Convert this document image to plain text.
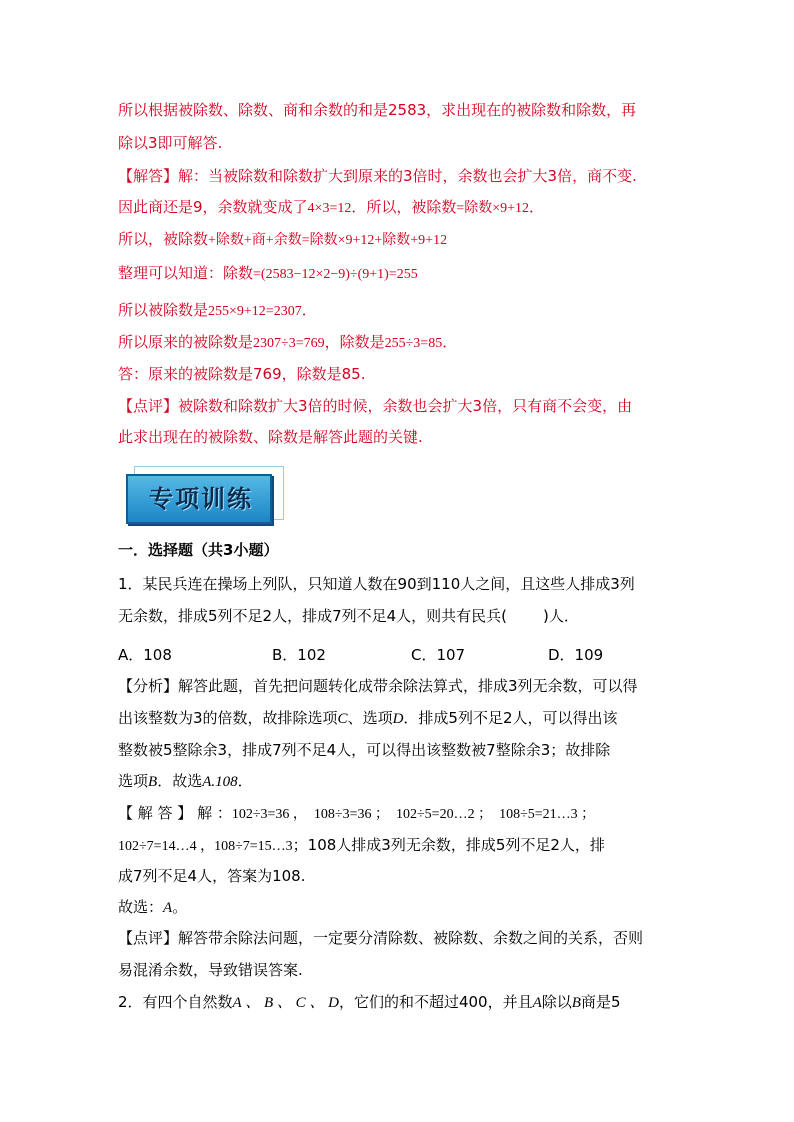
所以根据被除数、除数、商和余数的和是2583，求出现在的被除数和除数，再
除以3即可解答.
【解答】解：当被除数和除数扩大到原来的3倍时，余数也会扩大3倍，商不变.
因此商还是9，余数就变成了4×3=12．所以，被除数=除数×9+12．
所以，被除数+除数+商+余数=除数×9+12+除数+9+12
整理可以知道：除数=(2583−12×2−9)÷(9+1)=255
所以被除数是255×9+12=2307．
所以原来的被除数是2307÷3=769，除数是255÷3=85．
答：原来的被除数是769，除数是85.
【点评】被除数和除数扩大3倍的时候，余数也会扩大3倍，只有商不会变，由
此求出现在的被除数、除数是解答此题的关键.
专项训练
一．选择题（共3小题）
1．某民兵连在操场上列队，只知道人数在90到110人之间，且这些人排成3列
无余数，排成5列不足2人，排成7列不足4人，则共有民兵( )人．
A．108	B．102	C．107	D．109
【分析】解答此题，首先把问题转化成带余除法算式，排成3列无余数，可以得
出该整数为3的倍数，故排除选项C、选项D．排成5列不足2人，可以得出该
整数被5整除余3，排成7列不足4人，可以得出该整数被7整除余3；故排除
选项B．故选A.108．
【 解 答 】 解 ：102÷3=36 ，  108÷3=36 ；  102÷5=20…2 ；  108÷5=21…3 ；
102÷7=14…4 ，108÷7=15…3；108人排成3列无余数，排成5列不足2人，排
成7列不足4人，答案为108.
故选：A。
【点评】解答带余除法问题，一定要分清除数、被除数、余数之间的关系，否则
易混淆余数，导致错误答案.
2．有四个自然数A 、 B 、 C 、 D，它们的和不超过400，并且A除以B商是5
